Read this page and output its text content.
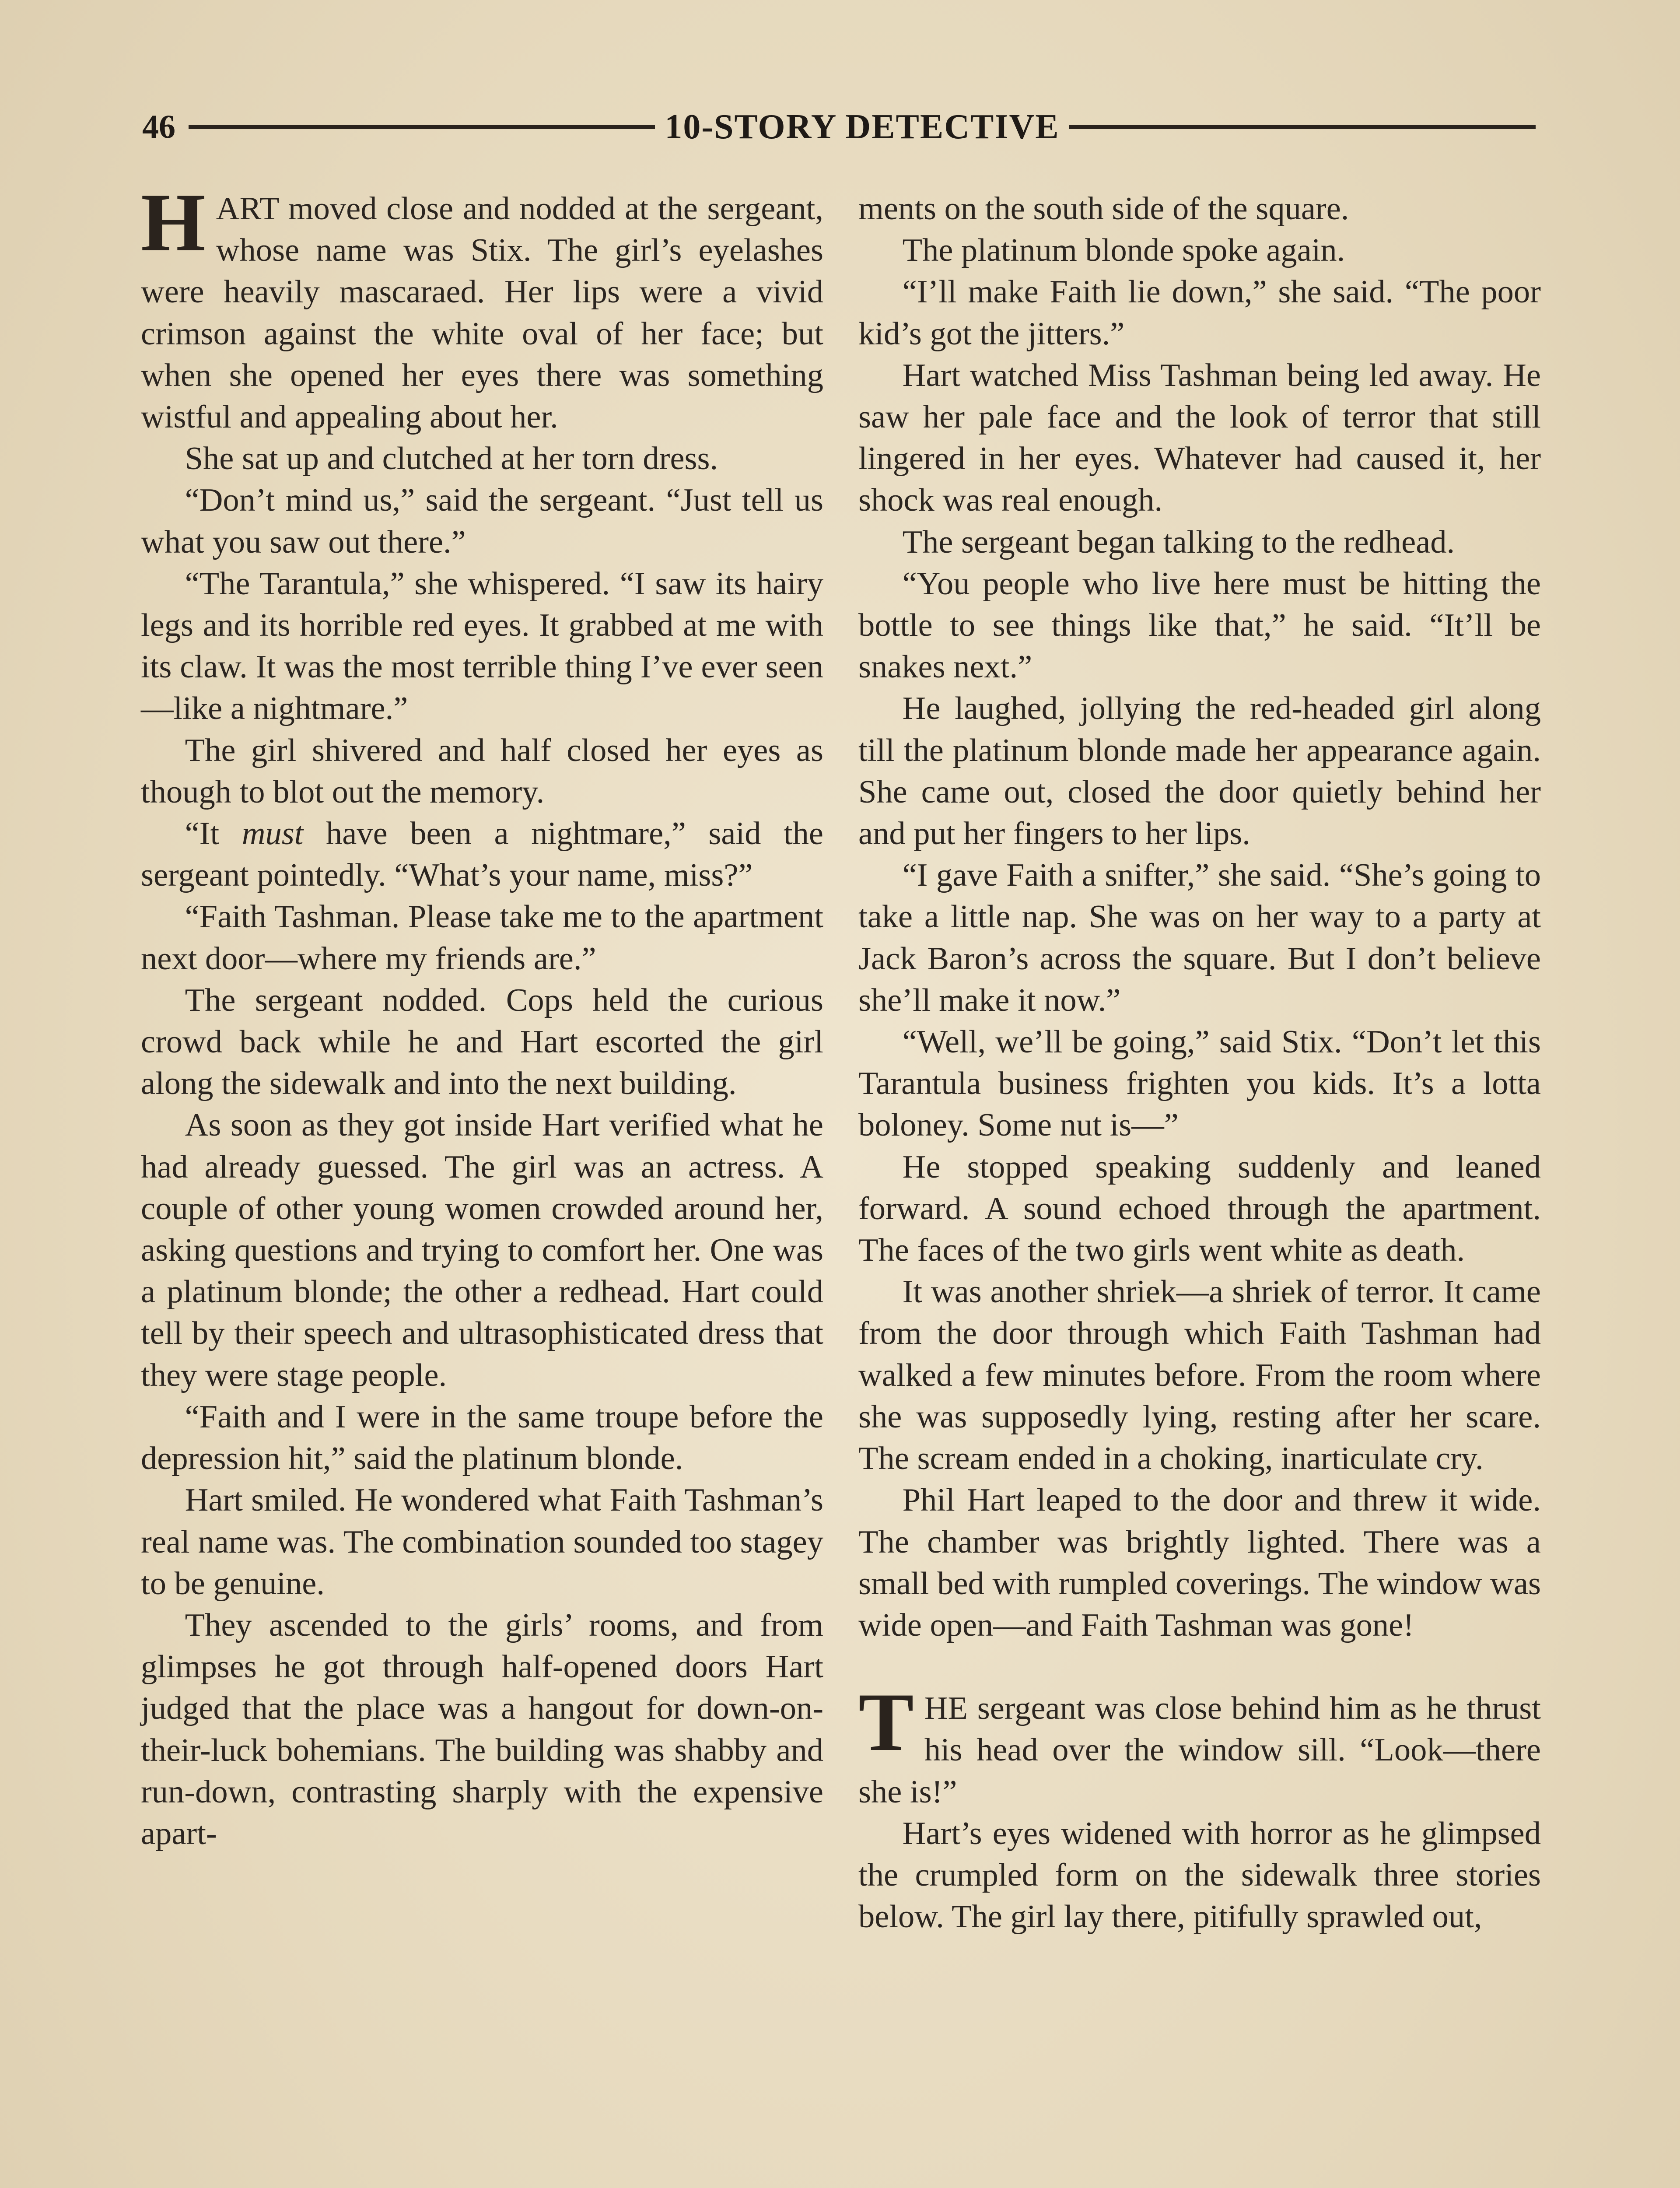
46	10-STORY DETECTIVE

HART moved close and nodded at the sergeant, whose name was Stix. The girl’s eyelashes were heavily mascaraed. Her lips were a vivid crimson against the white oval of her face; but when she opened her eyes there was something wistful and appealing about her.

She sat up and clutched at her torn dress.

“Don’t mind us,” said the sergeant. “Just tell us what you saw out there.”

“The Tarantula,” she whispered. “I saw its hairy legs and its horrible red eyes. It grabbed at me with its claw. It was the most terrible thing I’ve ever seen—like a nightmare.”

The girl shivered and half closed her eyes as though to blot out the memory.

“It must have been a nightmare,” said the sergeant pointedly. “What’s your name, miss?”

“Faith Tashman. Please take me to the apartment next door—where my friends are.”

The sergeant nodded. Cops held the curious crowd back while he and Hart escorted the girl along the sidewalk and into the next building.

As soon as they got inside Hart verified what he had already guessed. The girl was an actress. A couple of other young women crowded around her, asking questions and trying to comfort her. One was a platinum blonde; the other a redhead. Hart could tell by their speech and ultrasophisticated dress that they were stage people.

“Faith and I were in the same troupe before the depression hit,” said the platinum blonde.

Hart smiled. He wondered what Faith Tashman’s real name was. The combination sounded too stagey to be genuine.

They ascended to the girls’ rooms, and from glimpses he got through half-opened doors Hart judged that the place was a hangout for down-on-their-luck bohemians. The building was shabby and run-down, contrasting sharply with the expensive apart-

ments on the south side of the square.

The platinum blonde spoke again.

“I’ll make Faith lie down,” she said. “The poor kid’s got the jitters.”

Hart watched Miss Tashman being led away. He saw her pale face and the look of terror that still lingered in her eyes. Whatever had caused it, her shock was real enough.

The sergeant began talking to the redhead.

“You people who live here must be hitting the bottle to see things like that,” he said. “It’ll be snakes next.”

He laughed, jollying the red-headed girl along till the platinum blonde made her appearance again. She came out, closed the door quietly behind her and put her fingers to her lips.

“I gave Faith a snifter,” she said. “She’s going to take a little nap. She was on her way to a party at Jack Baron’s across the square. But I don’t believe she’ll make it now.”

“Well, we’ll be going,” said Stix. “Don’t let this Tarantula business frighten you kids. It’s a lotta boloney. Some nut is—”

He stopped speaking suddenly and leaned forward. A sound echoed through the apartment. The faces of the two girls went white as death.

It was another shriek—a shriek of terror. It came from the door through which Faith Tashman had walked a few minutes before. From the room where she was supposedly lying, resting after her scare. The scream ended in a choking, inarticulate cry.

Phil Hart leaped to the door and threw it wide. The chamber was brightly lighted. There was a small bed with rumpled coverings. The window was wide open—and Faith Tashman was gone!

THE sergeant was close behind him as he thrust his head over the window sill. “Look—there she is!”

Hart’s eyes widened with horror as he glimpsed the crumpled form on the sidewalk three stories below. The girl lay there, pitifully sprawled out,
